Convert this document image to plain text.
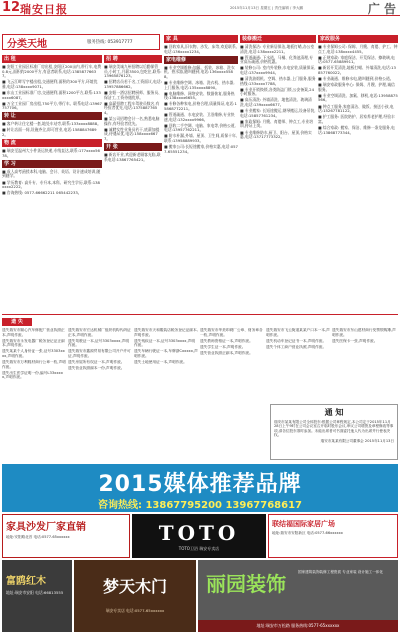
12 瑞安日报	2015年11月13日 星期五 | 责任编辑 / 李大鹏	广 告
分类天地	服务热线: 053917777
出 租
■ 安阳工业园区标准厂房出租,安阳区200亩内,带行车,电费0.8元,面积约2000平方,有意者联系,电话:13858776637。
■ 飞云江畔写字楼出租,交通便利,面积约300平方,环境优雅,电话:138xxxx9071。
■ 东山工业园标准厂房,交通便利,面积1200平方,联系:133xxxx6087。
■ 万全工业园厂房出租,750平方,带行车。联系电话:13967757706。
转 让
■ 客户转让住宅楼一套,地处车站旁,联系:133xxxx8888。
■ 转让店面一间,设施齐全,即可营业,电话:15888476892。
物 流
■ 瑞安至温州大小件货运快递,专线直达,联系:177xxxx5678。
学 习
■ 成人高考函授本科,电脑、会计、英语、设计速成培训,随到随学。
■ 学历教育: 高升专、专升本,本科、研究生学历,联系:138xxxx2222。
■ 咨询热线: 0577-66662211 065442233。
招 聘
■ 瑞安美诚九州招聘以后勤保管员,小时工,月薪3500,包吃住,联系:13965876123。
■ 招聘店员若干名,工资面议,电话:13957886662。
■ 安阳一酒店招聘厨师、服务员、保洁工,工资待遇优厚。
■ 高薪招聘工程车驾驶员数名,有经验者优先,电话:13758877654。
■ 某公司招聘会计一名,熟悉电脑操作,有经验者优先。
■ 诚聘女性业务员若干,底薪加提成,待遇从优,电话:158xxxx6677。
开 张
■ 新店开业,欢迎新老顾客光临,联系电话:13867765421。
家 具
■ 回收家具,旧衣物、沙发、床等,欢迎联系,电话:136xxxx1234。
家电维修
■ 专业空调维修:加氟、拆装、冰箱、洗衣机、热水器,随叫随到,电话:136xxxx5588。
■ 专业维修空调、冰箱、洗衣机、热水器,上门服务,电话:135xxxx8890。
■ 电脑维修、网络安装、数据恢复,服务热线:138xxxx6655。
■ 专修各种家电,价格合理,质量保证,电话:15868772211。
■ 管道疏通、水电安装、卫浴维修,专业快速,电话:132xxxx9966。
■ 回收二手空调、电脑、家电等,价格公道,电话:13957762211。
■ 防水补漏,外墙、屋顶、卫生间,质保十年,联系:13958889933。
■ 搬家公司:长短途搬家,价格实惠,电话:0577-65551234。
装修搬迁
■ 清洗保洁: 专业新居保洁,地板打蜡,办公室清洗,电话:138xxxx2211。
■ 管道疏通: 下水道、马桶、化粪池清理,专业高压疏通,价格优惠。
■ 装修公司: 室内外装修,水电安装,质量保证,电话:137xxxx9944。
■ 清洗油烟机、空调、热水器,上门服务,服务热线:133xxxx7788。
■ 专业开锁换锁,各类防盗门锁,公安备案,24小时服务。
■ 高压清洗: 外墙清洗、地毯清洗、玻璃清洗,电话:139xxxx6677。
■ 专业搬家: 长短途搬运,钢琴搬运,设备吊装,电话:15857761234。
■ 家政保姆: 月嫂、育婴师、钟点工,专业培训,持证上岗。
■ 专业维修防水,厨卫、阳台、屋顶,价格实惠,电话:13717773322。
家政服务
■ 专业保姆公司: 保姆、月嫂、育婴、护工、钟点工,电话:138xxxx4455。
■ 正规家政: 家庭保洁、开荒保洁、擦玻璃,电话:0577-65889911。
■ 新居开荒清洗,地板打蜡、外墙清洗,电话:13857760022。
■ 专业疏通、维修水电,随叫随到,价格公道。
■ 瑞安家政服务中心: 保姆、月嫂、护理,诚信服务。
■ 专业空调清洗、加氟、移机,电话:13958875566。
■ 钟点工服务,家庭清洁、做饭、接送小孩,电话:15267781122。
■ 护工服务: 医院陪护、居家养老护理,经验丰富。
■ 综合家政: 搬家、保洁、维修一条龙服务,电话:13868773344。
遗 失
遗失瑞安市顺心汽车修配厂营业执照正本,声明作废。
遗失瑞安市永发电器厂税务登记证正副本,声明作废。
遗失某某个人身份证一张,证号3303xxxx,声明作废。
遗失瑞安市万利鞋材商行公章一枚,声明作废。
遗失出生医学证明一份,编号L33xxxxx,声明作废。
遗失瑞安市宏达机械厂组织机构代码证正本,声明作废。
遗失驾驶证一本,证号3303xxxx,声明作废。
遗失瑞安市鑫源贸易有限公司开户许可证,声明作废。
遗失房屋所有权证一本,声明作废。
遗失营业执照副本一份,声明作废。
遗失瑞安市天和服装店税务登记证副本,声明作废。
遗失残疾证一本,证号3303xxxx,声明作废。
遗失车辆行驶证一本,车牌浙Cxxxxx,声明作废。
遗失土地使用证一本,声明作废。
遗失瑞安市华美印刷厂公章、财务章各一枚,声明作废。
遗失教师资格证一本,声明作废。
遗失学生证一本,声明作废。
遗失营业执照正副本,声明作废。
遗失瑞安市飞云街道某某户口本一本,声明作废。
遗失机动车登记证书一本,声明作废。
遗失个体工商户营业执照,声明作废。
遗失瑞安市东山建材商行发票领购簿,声明作废。
遗失医保卡一张,声明作废。
通 知
瑞安市某某有限公司全体股东:根据公司章程规定,本公司定于2015年11月28日上午9时在公司会议室召开临时股东会议,审议公司增资及章程修改等事项,请各位股东准时参加。未能出席者可书面委托他人代为出席并行使表决权。
瑞安市某某有限公司董事会 2015年11月13日
2015媒体推荐品牌
咨询热线: 13867795200 13967768617
家具沙发厂家直销
地址:安阳路北首 电话:0577-65xxxxxx	TOTO
TOTO卫浴 瑞安专卖店
联结福国际家居广场
地址:瑞安市安阳新区 电话:0577-66xxxxxx
富鸥红木
地址:瑞安市安阳 电话:66813555	梦天木门
瑞安专卖店 电话:0577-65xxxxxx
丽园装饰	国家建筑装饰装修工程资质 专业家装 设计施工一体化
地址:瑞安市万松路 服务热线:0577-65xxxxxx
